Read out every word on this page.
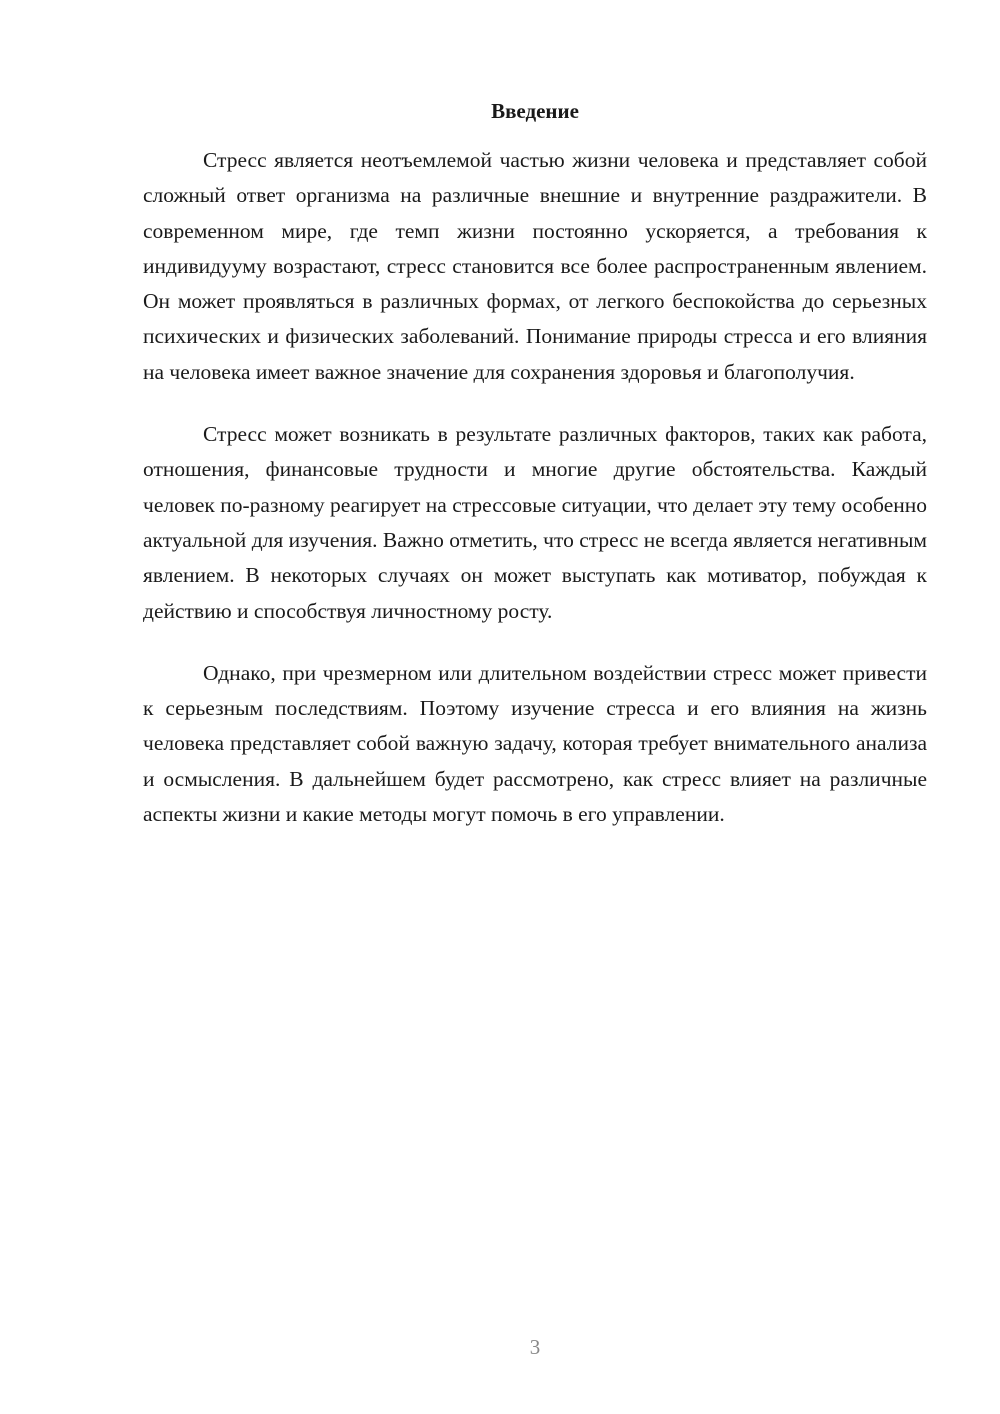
Введение

Стресс является неотъемлемой частью жизни человека и представляет собой сложный ответ организма на различные внешние и внутренние раздражители. В современном мире, где темп жизни постоянно ускоряется, а требования к индивидууму возрастают, стресс становится все более распространенным явлением. Он может проявляться в различных формах, от легкого беспокойства до серьезных психических и физических заболеваний. Понимание природы стресса и его влияния на человека имеет важное значение для сохранения здоровья и благополучия.

Стресс может возникать в результате различных факторов, таких как работа, отношения, финансовые трудности и многие другие обстоятельства. Каждый человек по-разному реагирует на стрессовые ситуации, что делает эту тему особенно актуальной для изучения. Важно отметить, что стресс не всегда является негативным явлением. В некоторых случаях он может выступать как мотиватор, побуждая к действию и способствуя личностному росту.

Однако, при чрезмерном или длительном воздействии стресс может привести к серьезным последствиям. Поэтому изучение стресса и его влияния на жизнь человека представляет собой важную задачу, которая требует внимательного анализа и осмысления. В дальнейшем будет рассмотрено, как стресс влияет на различные аспекты жизни и какие методы могут помочь в его управлении.

3
